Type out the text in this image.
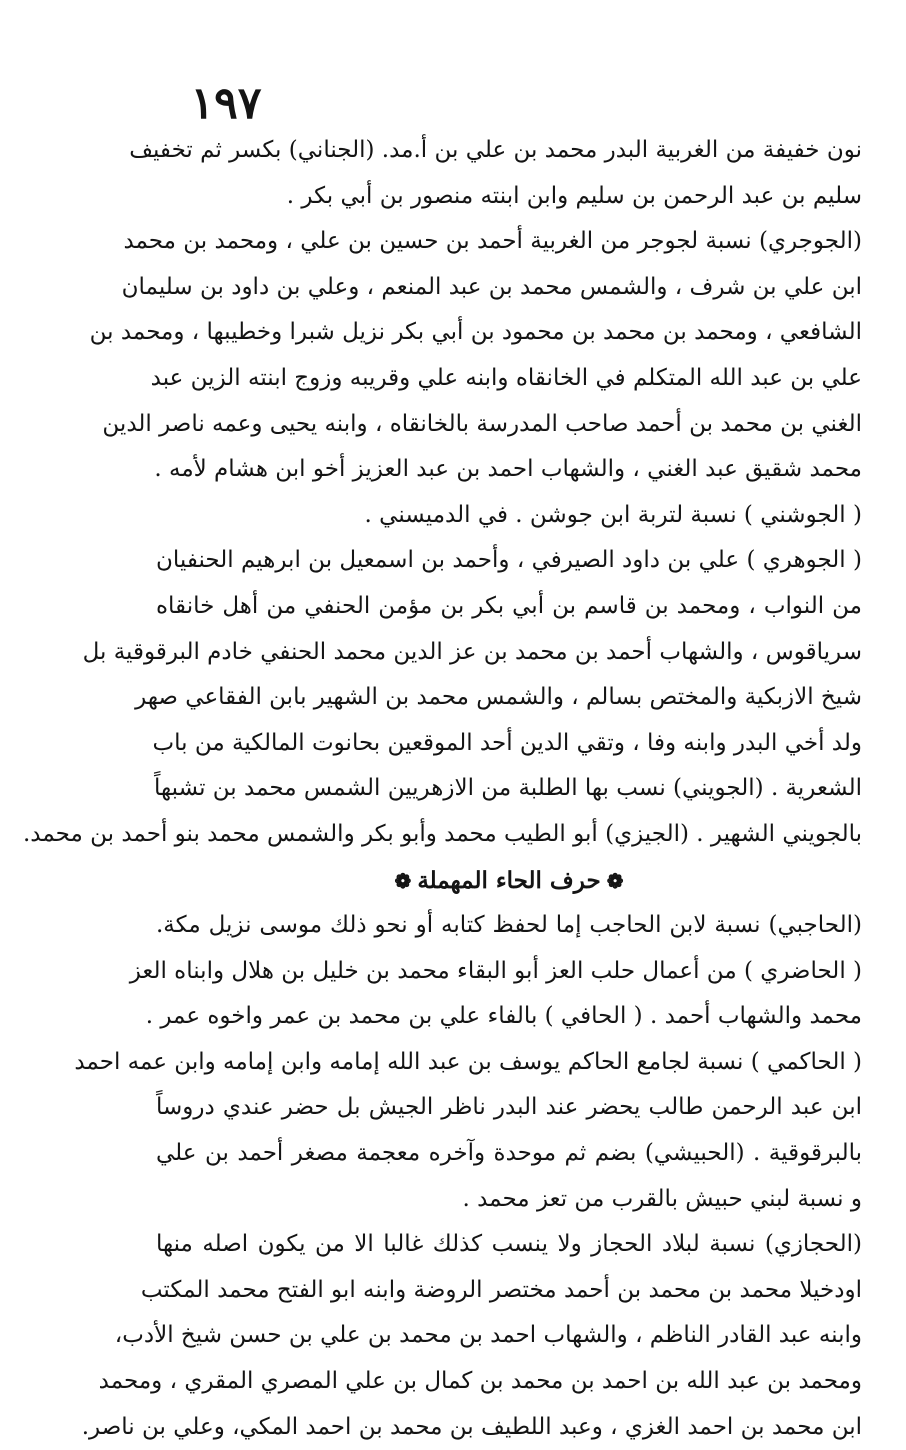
١٩٧
نون خفيفة من الغربية البدر محمد بن علي بن أ.مد. (الجناني) بكسر ثم تخفيف
سليم بن عبد الرحمن بن سليم وابن ابنته منصور بن أبي بكر .
(الجوجري) نسبة لجوجر من الغربية أحمد بن حسين بن علي ، ومحمد بن محمد
ابن علي بن شرف ، والشمس محمد بن عبد المنعم ، وعلي بن داود بن سليمان
الشافعي ، ومحمد بن محمد بن محمود بن أبي بكر نزيل شبرا وخطيبها ، ومحمد بن
علي بن عبد الله المتكلم في الخانقاه وابنه علي وقريبه وزوج ابنته الزين عبد
الغني بن محمد بن أحمد صاحب المدرسة بالخانقاه ، وابنه يحيى وعمه ناصر الدين
محمد شقيق عبد الغني ، والشهاب احمد بن عبد العزيز أخو ابن هشام لأمه .
( الجوشني ) نسبة لتربة ابن جوشن . في الدميسني .
( الجوهري ) علي بن داود الصيرفي ، وأحمد بن اسمعيل بن ابرهيم الحنفيان
من النواب ، ومحمد بن قاسم بن أبي بكر بن مؤمن الحنفي من أهل خانقاه
سرياقوس ، والشهاب أحمد بن محمد بن عز الدين محمد الحنفي خادم البرقوقية بل
شيخ الازبكية والمختص بسالم ، والشمس محمد بن الشهير بابن الفقاعي صهر
ولد أخي البدر وابنه وفا ، وتقي الدين أحد الموقعين بحانوت المالكية من باب
الشعرية . (الجويني) نسب بها الطلبة من الازهريين الشمس محمد بن تشبهاً
بالجويني الشهير . (الجيزي) أبو الطيب محمد وأبو بكر والشمس محمد بنو أحمد بن محمد.
❁حرف الحاء المهملة❁
(الحاجبي) نسبة لابن الحاجب إما لحفظ كتابه أو نحو ذلك موسى نزيل مكة.
( الحاضري ) من أعمال حلب العز أبو البقاء محمد بن خليل بن هلال وابناه العز
محمد والشهاب أحمد . ( الحافي ) بالفاء علي بن محمد بن عمر واخوه عمر .
( الحاكمي ) نسبة لجامع الحاكم يوسف بن عبد الله إمامه وابن إمامه وابن عمه احمد
ابن عبد الرحمن طالب يحضر عند البدر ناظر الجيش بل حضر عندي دروساً
بالبرقوقية . (الحبيشي) بضم ثم موحدة وآخره معجمة مصغر أحمد بن علي
و نسبة لبني حبيش بالقرب من تعز محمد .
(الحجازي) نسبة لبلاد الحجاز ولا ينسب كذلك غالبا الا من يكون اصله منها
اودخيلا محمد بن محمد بن أحمد مختصر الروضة وابنه ابو الفتح محمد المكتب
وابنه عبد القادر الناظم ، والشهاب احمد بن محمد بن علي بن حسن شيخ الأدب،
ومحمد بن عبد الله بن احمد بن محمد بن كمال بن علي المصري المقري ، ومحمد
ابن محمد بن احمد الغزي ، وعبد اللطيف بن محمد بن احمد المكي، وعلي بن ناصر.
